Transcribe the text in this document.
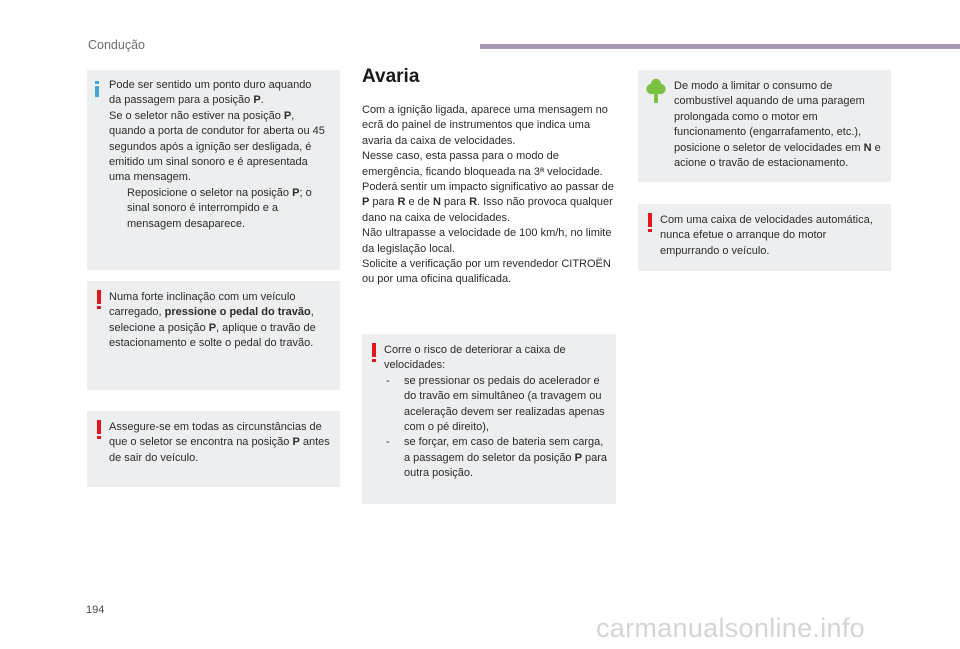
Condução

Pode ser sentido um ponto duro aquando

da passagem para a posição P.

Se o seletor não estiver na posição P,

quando a porta de condutor for aberta ou 45 segundos após a ignição ser desligada, é emitido um sinal sonoro e é apresentada uma mensagem.

Reposicione o seletor na posição P; o sinal sonoro é interrompido e a mensagem desaparece.

Numa forte inclinação com um veículo carregado, pressione o pedal do travão, selecione a posição P, aplique o travão de estacionamento e solte o pedal do travão.

Assegure-se em todas as circunstâncias de que o seletor se encontra na posição P antes de sair do veículo.

Avaria

Com a ignição ligada, aparece uma mensagem no ecrã do painel de instrumentos que indica uma avaria da caixa de velocidades.

Nesse caso, esta passa para o modo de emergência, ficando bloqueada na 3ª velocidade. Poderá sentir um impacto significativo ao passar de P para R e de N para R. Isso não provoca qualquer dano na caixa de velocidades.

Não ultrapasse a velocidade de 100 km/h, no limite da legislação local.

Solicite a verificação por um revendedor CITROËN ou por uma oficina qualificada.

Corre o risco de deteriorar a caixa de velocidades:

- se pressionar os pedais do acelerador e do travão em simultâneo (a travagem ou aceleração devem ser realizadas apenas com o pé direito),
- se forçar, em caso de bateria sem carga, a passagem do seletor da posição P para outra posição.

De modo a limitar o consumo de combustível aquando de uma paragem prolongada como o motor em funcionamento (engarrafamento, etc.), posicione o seletor de velocidades em N e acione o travão de estacionamento.

Com uma caixa de velocidades automática, nunca efetue o arranque do motor empurrando o veículo.

194
carmanualsonline.info
